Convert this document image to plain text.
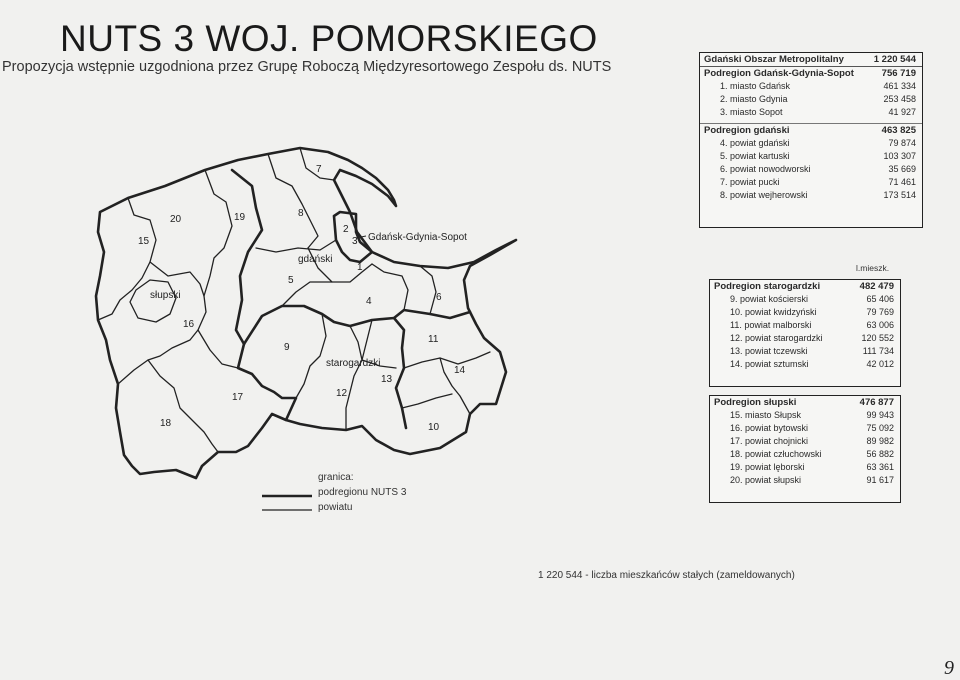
NUTS 3 WOJ. POMORSKIEGO
Propozycja wstępnie uzgodniona przez Grupę Roboczą Międzyresortowego Zespołu ds. NUTS
1
2
3
4
5
6
7
8
9
10
11
12
13
14
15
16
17
18
19
20
słupski
gdański
starogardzki
Gdańsk-Gdynia-Sopot
granica:
podregionu NUTS 3
powiatu
Gdański Obszar Metropolitalny	1 220 544
Podregion Gdańsk-Gdynia-Sopot	756 719
1. miasto Gdańsk	461 334
2. miasto Gdynia	253 458
3. miasto Sopot	41 927
Podregion gdański	463 825
4. powiat gdański	79 874
5. powiat kartuski	103 307
6. powiat nowodworski	35 669
7. powiat pucki	71 461
8. powiat wejherowski	173 514
l.mieszk.
Podregion starogardzki	482 479
9. powiat kościerski	65 406
10. powiat kwidzyński	79 769
11. powiat malborski	63 006
12. powiat starogardzki	120 552
13. powiat tczewski	111 734
14. powiat sztumski	42 012
Podregion słupski	476 877
15. miasto Słupsk	99 943
16. powiat bytowski	75 092
17. powiat chojnicki	89 982
18. powiat człuchowski	56 882
19. powiat lęborski	63 361
20. powiat słupski	91 617
1 220 544 - liczba mieszkańców stałych (zameldowanych)
9
